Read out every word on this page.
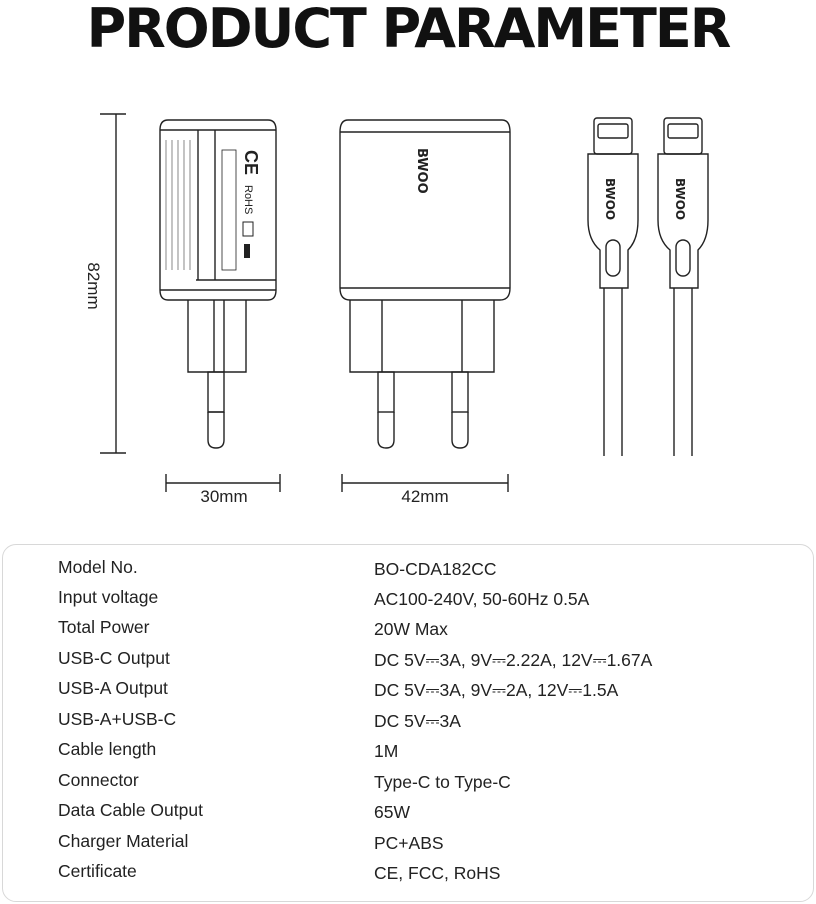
PRODUCT PARAMETER
82mm
CE
RoHS
30mm
BWOO
42mm
BWOO	BWOO
Model No.	BO-CDA182CC
Input voltage	AC100-240V, 50-60Hz 0.5A
Total Power	20W Max
USB-C Output	DC 5V⎓3A, 9V⎓2.22A, 12V⎓1.67A
USB-A Output	DC 5V⎓3A, 9V⎓2A, 12V⎓1.5A
USB-A+USB-C	DC 5V⎓3A
Cable length	1M
Connector	Type-C to Type-C
Data Cable Output	65W
Charger Material	PC+ABS
Certificate	CE, FCC, RoHS
